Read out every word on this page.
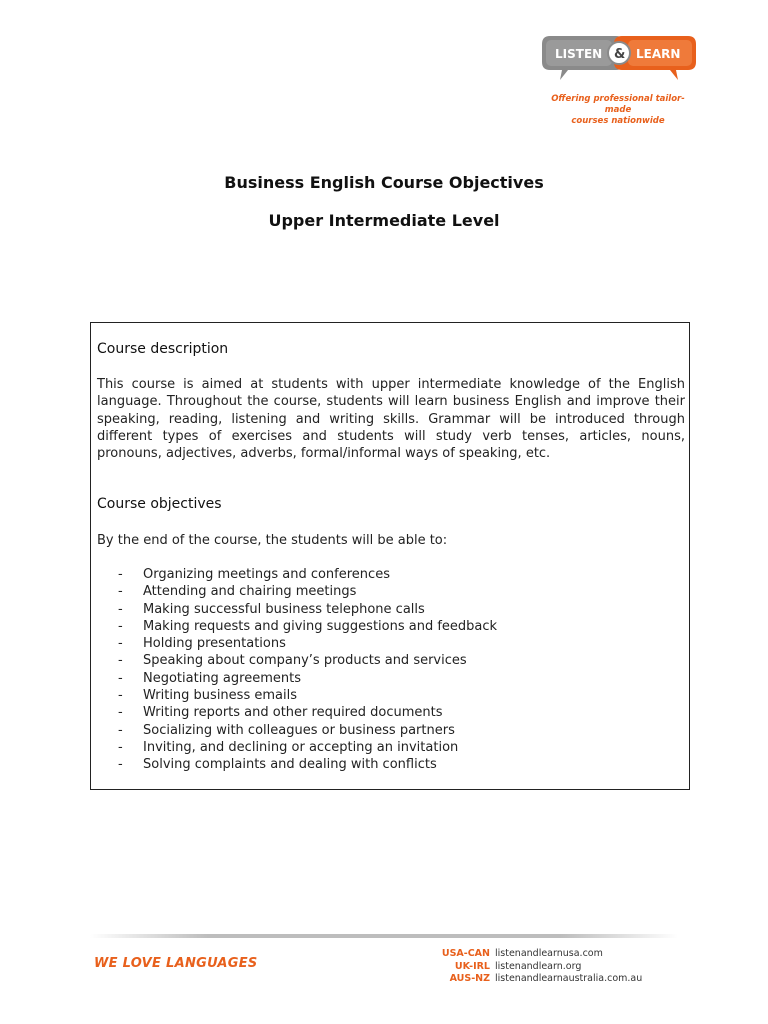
LISTEN & LEARN
Offering professional tailor-made
courses nationwide
Business English Course Objectives
Upper Intermediate Level
Course description
This course is aimed at students with upper intermediate knowledge of the English language. Throughout the course, students will learn business English and improve their speaking, reading, listening and writing skills. Grammar will be introduced through different types of exercises and students will study verb tenses, articles, nouns, pronouns, adjectives, adverbs, formal/informal ways of speaking, etc.
Course objectives
By the end of the course, the students will be able to:
- Organizing meetings and conferences
- Attending and chairing meetings
- Making successful business telephone calls
- Making requests and giving suggestions and feedback
- Holding presentations
- Speaking about company’s products and services
- Negotiating agreements
- Writing business emails
- Writing reports and other required documents
- Socializing with colleagues or business partners
- Inviting, and declining or accepting an invitation
- Solving complaints and dealing with conflicts
WE LOVE LANGUAGES
USA-CAN listenandlearnusa.com
UK-IRL listenandlearn.org
AUS-NZ listenandlearnaustralia.com.au
